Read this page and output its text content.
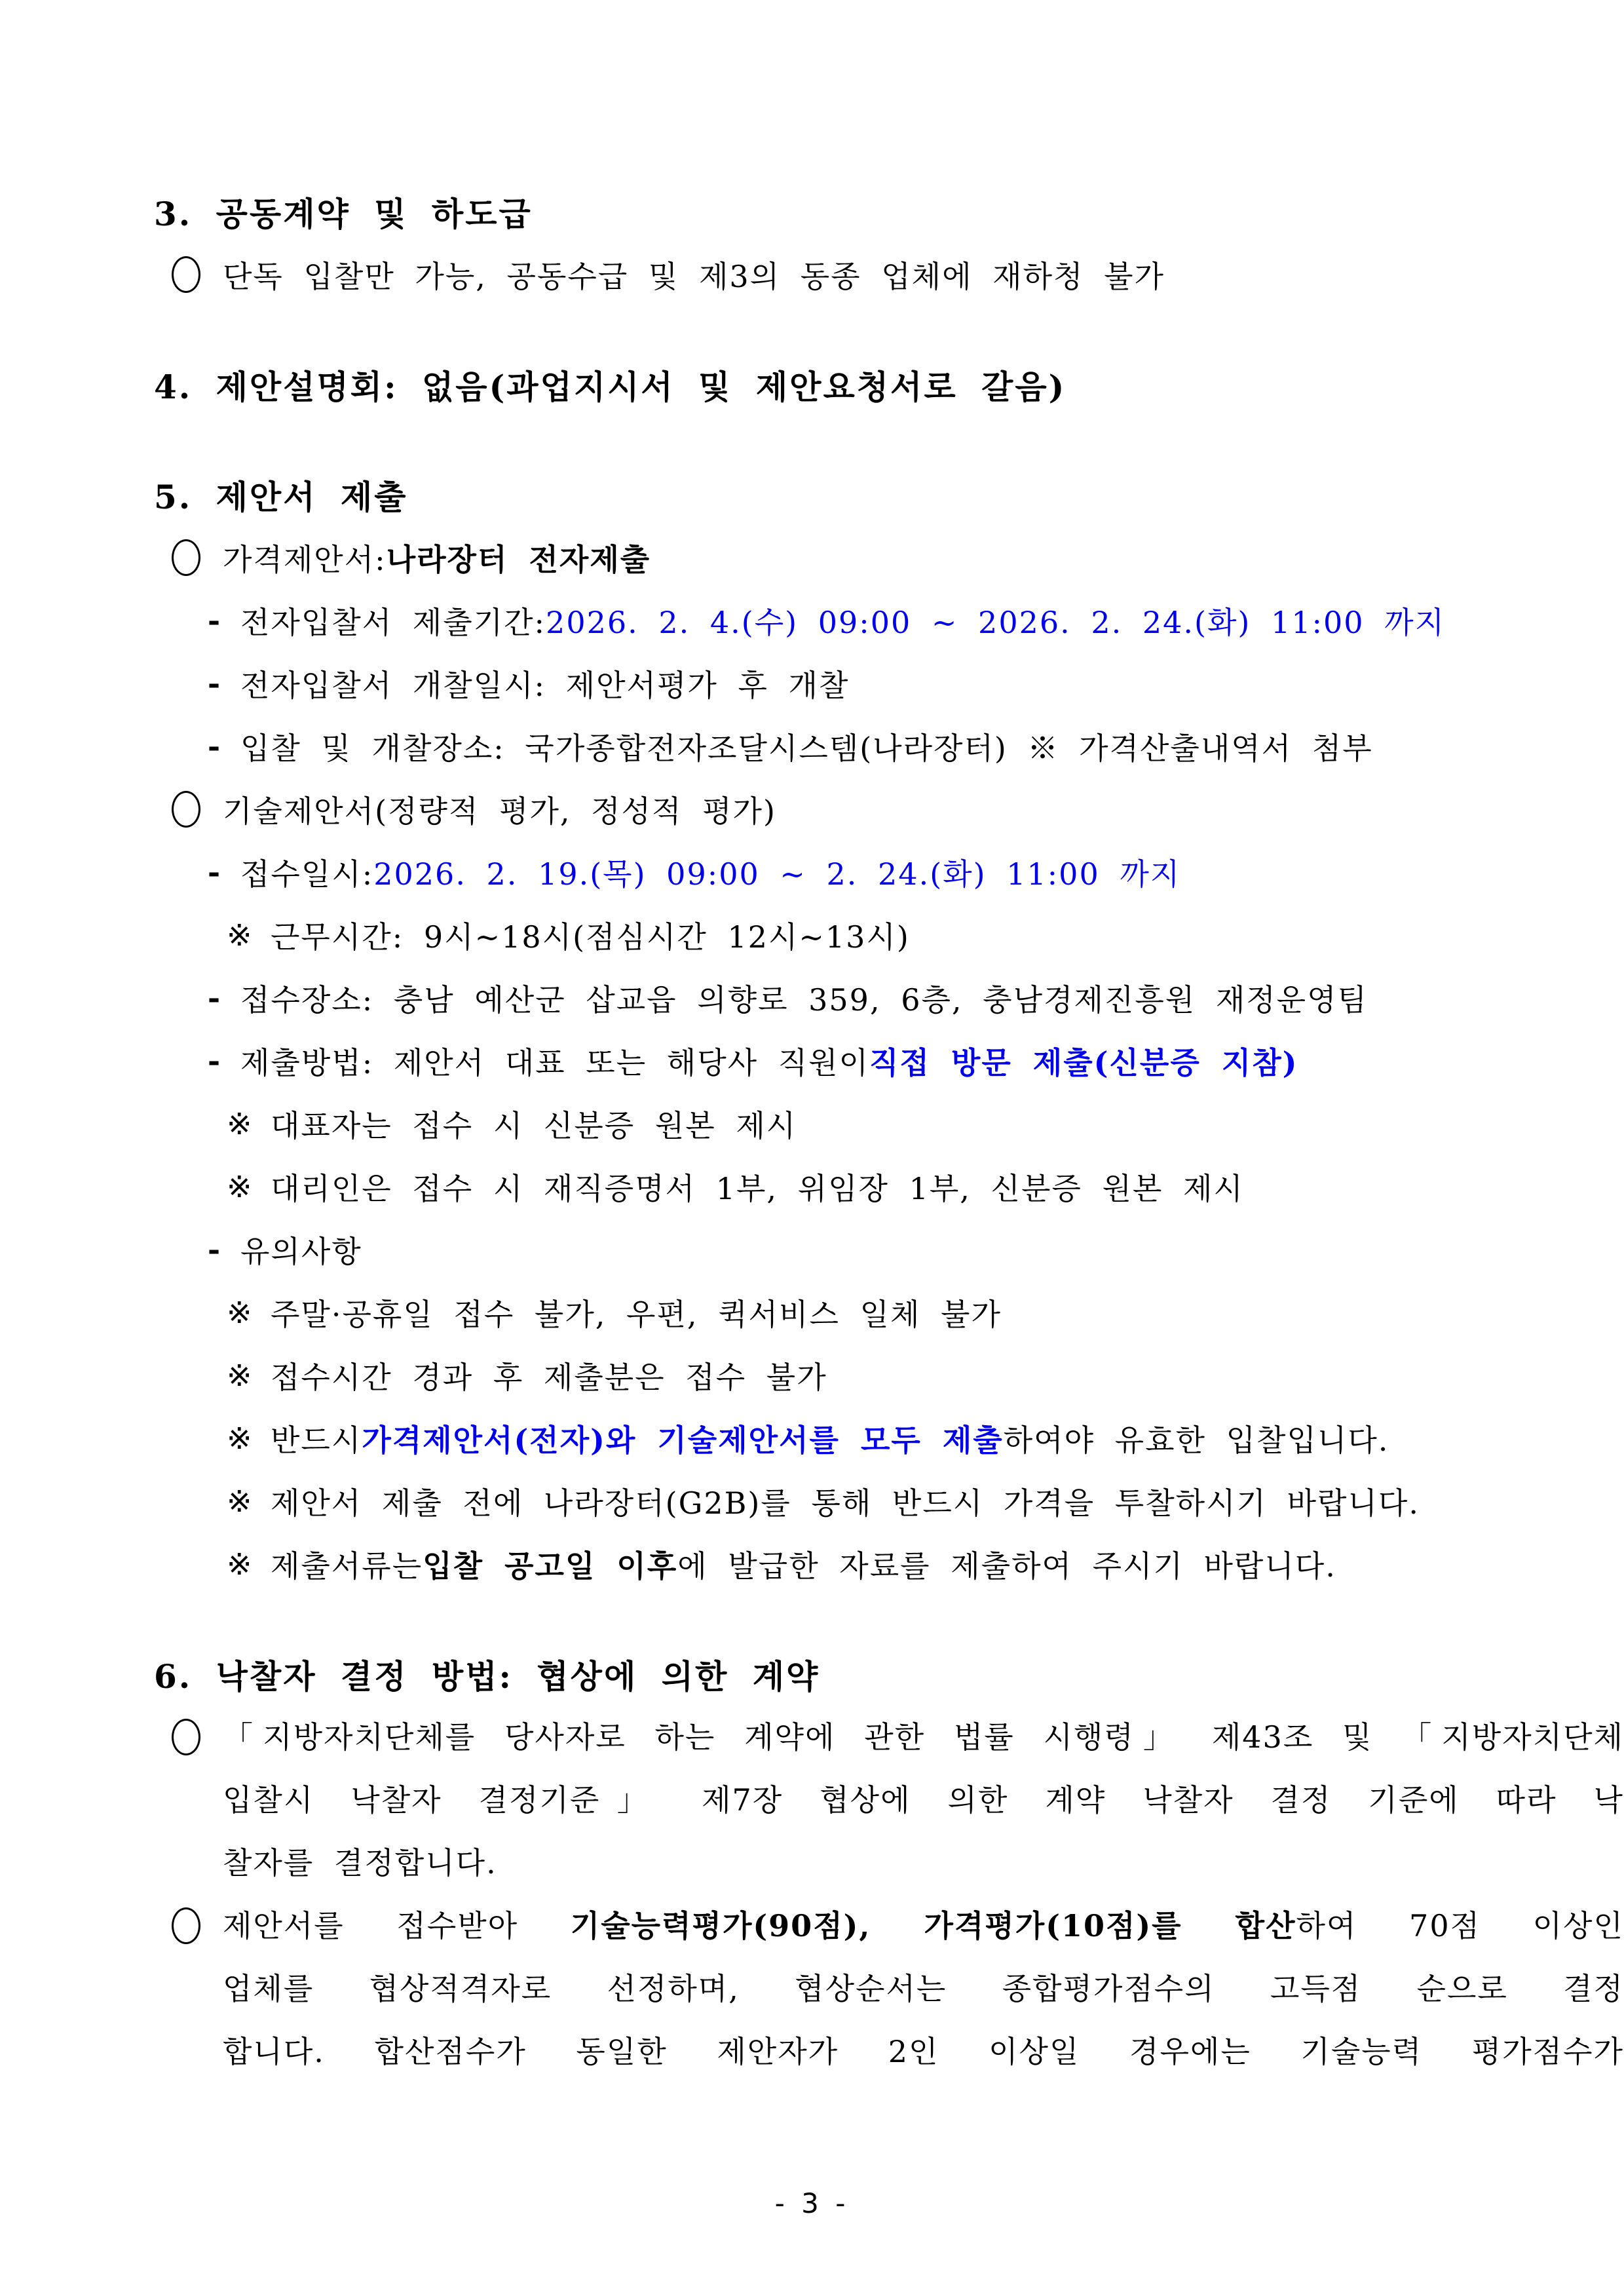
3. 공동계약 및 하도급
단독 입찰만 가능, 공동수급 및 제3의 동종 업체에 재하청 불가
4. 제안설명회: 없음(과업지시서 및 제안요청서로 갈음)
5. 제안서 제출
가격제안서: 나라장터 전자제출
- 전자입찰서 제출기간: 2026. 2. 4.(수) 09:00 ~ 2026. 2. 24.(화) 11:00 까지
- 전자입찰서 개찰일시: 제안서평가 후 개찰
- 입찰 및 개찰장소: 국가종합전자조달시스템(나라장터) ※ 가격산출내역서 첨부
기술제안서(정량적 평가, 정성적 평가)
- 접수일시: 2026. 2. 19.(목) 09:00 ~ 2. 24.(화) 11:00 까지
※ 근무시간: 9시~18시(점심시간 12시~13시)
- 접수장소: 충남 예산군 삽교읍 의향로 359, 6층, 충남경제진흥원 재정운영팀
- 제출방법: 제안서 대표 또는 해당사 직원이 직접 방문 제출(신분증 지참)
※ 대표자는 접수 시 신분증 원본 제시
※ 대리인은 접수 시 재직증명서 1부, 위임장 1부, 신분증 원본 제시
- 유의사항
※ 주말·공휴일 접수 불가, 우편, 퀵서비스 일체 불가
※ 접수시간 경과 후 제출분은 접수 불가
※ 반드시 가격제안서(전자)와 기술제안서를 모두 제출 하여야 유효한 입찰입니다.
※ 제안서 제출 전에 나라장터(G2B)를 통해 반드시 가격을 투찰하시기 바랍니다.
※ 제출서류는 입찰 공고일 이후 에 발급한 자료를 제출하여 주시기 바랍니다.
6. 낙찰자 결정 방법: 협상에 의한 계약
「지방자치단체를 당사자로 하는 계약에 관한 법률 시행령」 제43조 및 「지방자치단체
입찰시 낙찰자 결정기준」 제7장 협상에 의한 계약 낙찰자 결정 기준에 따라 낙
찰자를 결정합니다.
제안서를 접수받아 기술능력평가(90점), 가격평가(10점)를 합산하여 70점 이상인
업체를 협상적격자로 선정하며, 협상순서는 종합평가점수의 고득점 순으로 결정
합니다. 합산점수가 동일한 제안자가 2인 이상일 경우에는 기술능력 평가점수가
- 3 -
